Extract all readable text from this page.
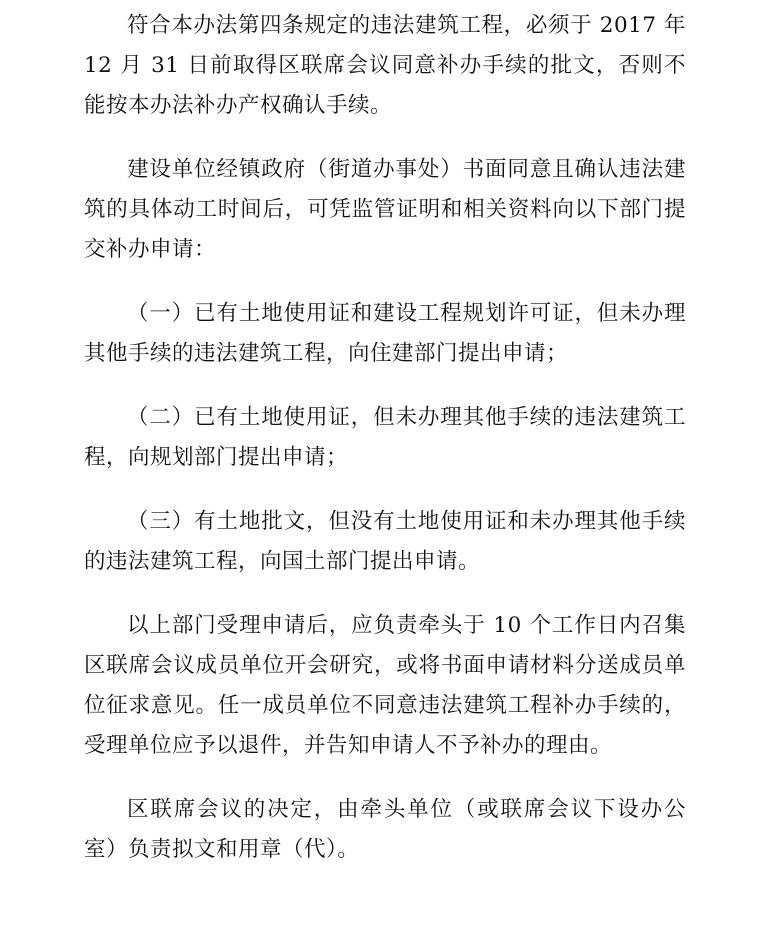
符合本办法第四条规定的违法建筑工程，必须于 2017 年 12 月 31 日前取得区联席会议同意补办手续的批文，否则不能按本办法补办产权确认手续。

建设单位经镇政府（街道办事处）书面同意且确认违法建筑的具体动工时间后，可凭监管证明和相关资料向以下部门提交补办申请：

（一）已有土地使用证和建设工程规划许可证，但未办理其他手续的违法建筑工程，向住建部门提出申请；

（二）已有土地使用证，但未办理其他手续的违法建筑工程，向规划部门提出申请；

（三）有土地批文，但没有土地使用证和未办理其他手续的违法建筑工程，向国土部门提出申请。

以上部门受理申请后，应负责牵头于 10 个工作日内召集区联席会议成员单位开会研究，或将书面申请材料分送成员单位征求意见。任一成员单位不同意违法建筑工程补办手续的，受理单位应予以退件，并告知申请人不予补办的理由。

区联席会议的决定，由牵头单位（或联席会议下设办公室）负责拟文和用章（代）。
